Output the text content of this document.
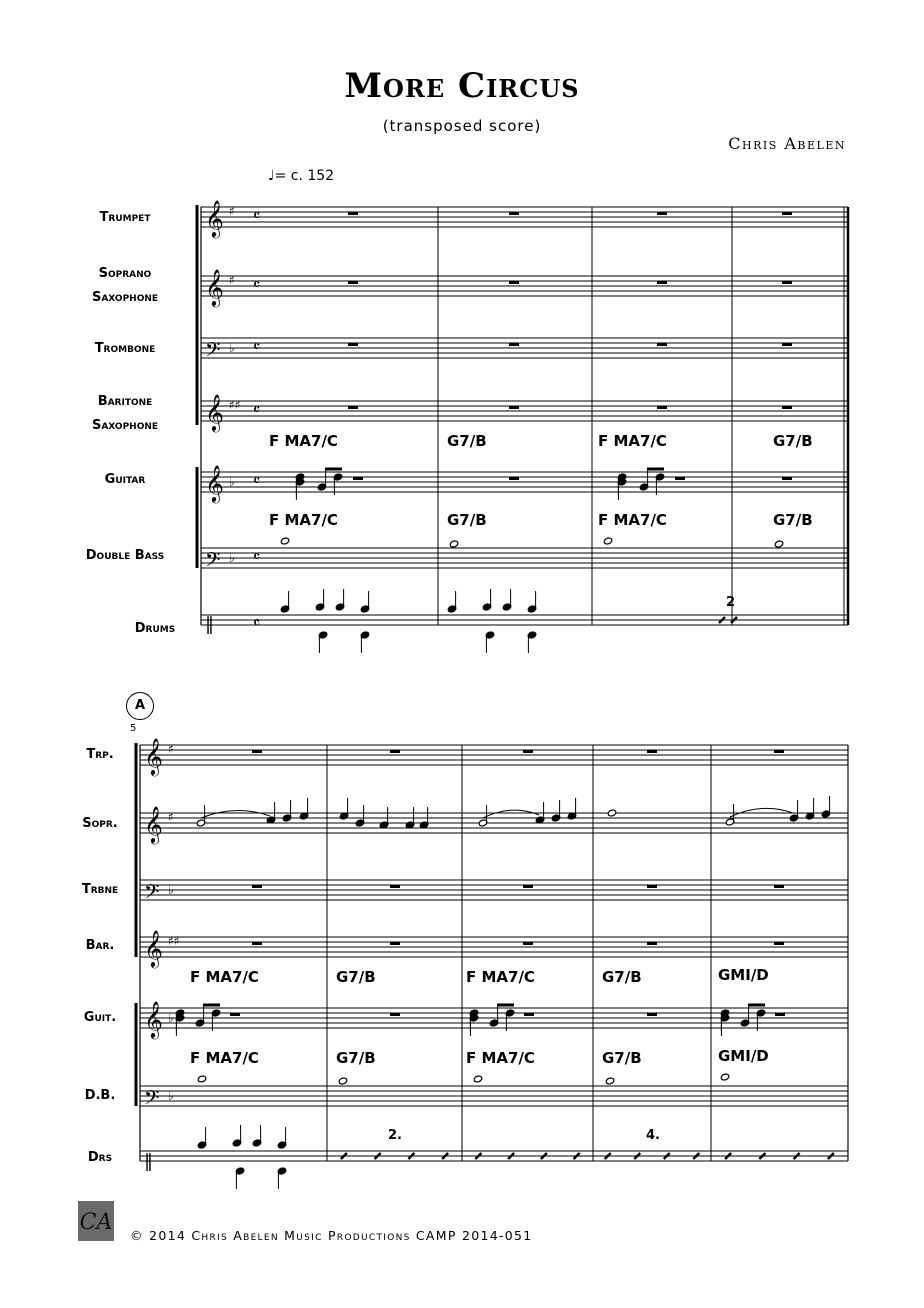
More Circus
(transposed score)
Chris Abelen
♩= c. 152
Trumpet
Soprano
Saxophone
Trombone
Baritone
Saxophone
Guitar
Double Bass
Drums
F MA7/C	G7/B	F MA7/C	G7/B
F MA7/C	G7/B	F MA7/C	G7/B
2
A
5
Trp.
Sopr.
Trbne
Bar.
Guit.
D.B.
Drs
F MA7/C	G7/B	F MA7/C	G7/B	GMI/D
F MA7/C	G7/B	F MA7/C	G7/B	GMI/D
2.	4.
𝄞 ♯ 𝄴
𝄞 ♯ 𝄴
𝄢 ♭ 𝄴
𝄞 ♯♯ 𝄴
𝄞 ♭ 𝄴
𝄢 ♭ 𝄴
‖ 𝄴
𝄞 ♯
𝄞 ♯
𝄢 ♭
𝄞 ♯♯
𝄞 ♭
𝄢 ♭
‖
CA
© 2014 Chris Abelen Music Productions CAMP 2014-051
